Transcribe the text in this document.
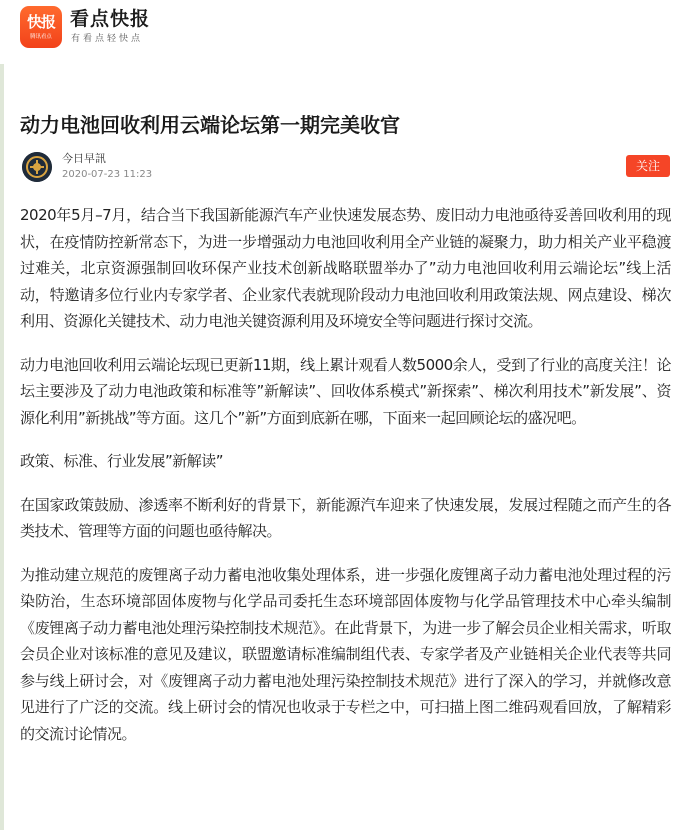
快报
腾讯看点
看点快报
有看点轻快点
动力电池回收利用云端论坛第一期完美收官
今日早訊
2020-07-23 11:23
关注

2020年5月–7月，结合当下我国新能源汽车产业快速发展态势、废旧动力电池亟待妥善回收利用的现状，在疫情防控新常态下，为进一步增强动力电池回收利用全产业链的凝聚力，助力相关产业平稳渡过难关，北京资源强制回收环保产业技术创新战略联盟举办了”动力电池回收利用云端论坛”线上活动，特邀请多位行业内专家学者、企业家代表就现阶段动力电池回收利用政策法规、网点建设、梯次利用、资源化关键技术、动力电池关键资源利用及环境安全等问题进行探讨交流。

动力电池回收利用云端论坛现已更新11期，线上累计观看人数5000余人，受到了行业的高度关注！论坛主要涉及了动力电池政策和标准等”新解读”、回收体系模式”新探索”、梯次利用技术”新发展”、资源化利用”新挑战”等方面。这几个”新”方面到底新在哪，下面来一起回顾论坛的盛况吧。

政策、标准、行业发展”新解读”

在国家政策鼓励、渗透率不断利好的背景下，新能源汽车迎来了快速发展，发展过程随之而产生的各类技术、管理等方面的问题也亟待解决。

为推动建立规范的废锂离子动力蓄电池收集处理体系，进一步强化废锂离子动力蓄电池处理过程的污染防治，生态环境部固体废物与化学品司委托生态环境部固体废物与化学品管理技术中心牵头编制《废锂离子动力蓄电池处理污染控制技术规范》。在此背景下，为进一步了解会员企业相关需求，听取会员企业对该标准的意见及建议，联盟邀请标准编制组代表、专家学者及产业链相关企业代表等共同参与线上研讨会，对《废锂离子动力蓄电池处理污染控制技术规范》进行了深入的学习，并就修改意见进行了广泛的交流。线上研讨会的情况也收录于专栏之中，可扫描上图二维码观看回放，了解精彩的交流讨论情况。
